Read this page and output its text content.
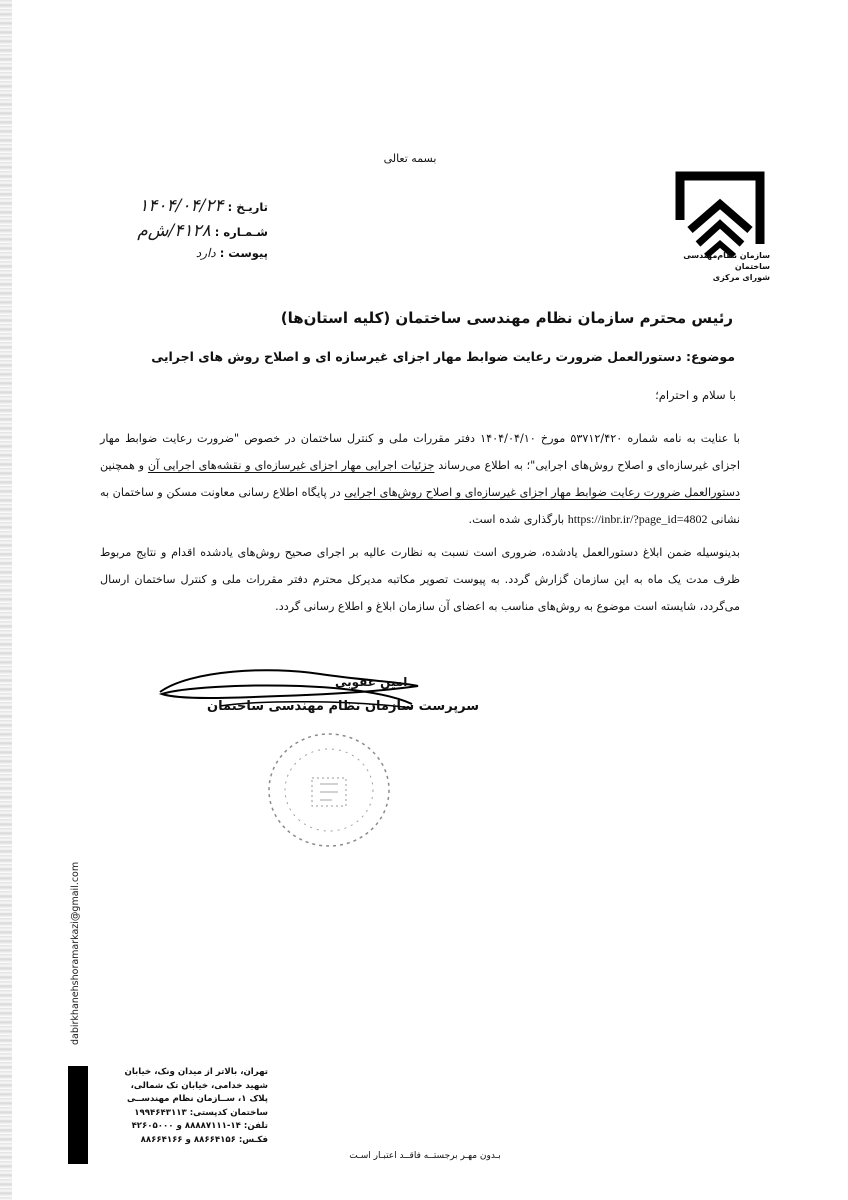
بسمه تعالی
سازمان نظام‌مهندسی ساختمان
شورای مرکزی
تاریـخ : ۱۴۰۴/۰۴/۲۴
شـمـاره : ۴۱۲۸/ش‌م
پیوست : دارد
رئیس محترم سازمان نظام مهندسی ساختمان (کلیه استان‌ها)
موضوع: دستورالعمل ضرورت رعایت ضوابط مهار اجزای غیرسازه ای و اصلاح روش های اجرایی
با سلام و احترام؛
با عنایت به نامه شماره ۵۳۷۱۲/۴۲۰ مورخ ۱۴۰۴/۰۴/۱۰ دفتر مقررات ملی و کنترل ساختمان در خصوص "ضرورت رعایت ضوابط مهار اجزای غیرسازه‌ای و اصلاح روش‌های اجرایی"؛ به اطلاع می‌رساند جزئیات اجرایی مهار اجزای غیرسازه‌ای و نقشه‌های اجرایی آن و همچنین دستورالعمل ضرورت رعایت ضوابط مهار اجزای غیرسازه‌ای و اصلاح روش‌های اجرایی در پایگاه اطلاع رسانی معاونت مسکن و ساختمان به نشانی https://inbr.ir/?page_id=4802 بارگذاری شده است.
بدینوسیله ضمن ابلاغ دستورالعمل یادشده، ضروری است نسبت به نظارت عالیه بر اجرای صحیح روش‌های یادشده اقدام و نتایج مربوط ظرف مدت یک ماه به این سازمان گزارش گردد. به پیوست تصویر مکاتبه مدیرکل محترم دفتر مقررات ملی و کنترل ساختمان ارسال می‌گردد، شایسته است موضوع به روش‌های مناسب به اعضای آن سازمان ابلاغ و اطلاع رسانی گردد.
امین عقوبی
سرپرست سازمان نظام مهندسی ساختمان
dabirkhanehshoramarkazi@gmail.com
تهران، بالاتر از میدان ونک، خیابان
شهید خدامی، خیابان تک شمالی،
پلاک ۱، ســازمان نظام مهندســی
ساختمان کدپستی: ۱۹۹۴۶۴۳۱۱۳
تلفن: ۱۴-۸۸۸۸۷۱۱۱ و ۴۲۶۰۵۰۰۰
فکـس: ۸۸۶۶۴۱۵۶ و ۸۸۶۶۴۱۶۶
بـدون مهـر برجستــه فاقــد اعتبـار اسـت
